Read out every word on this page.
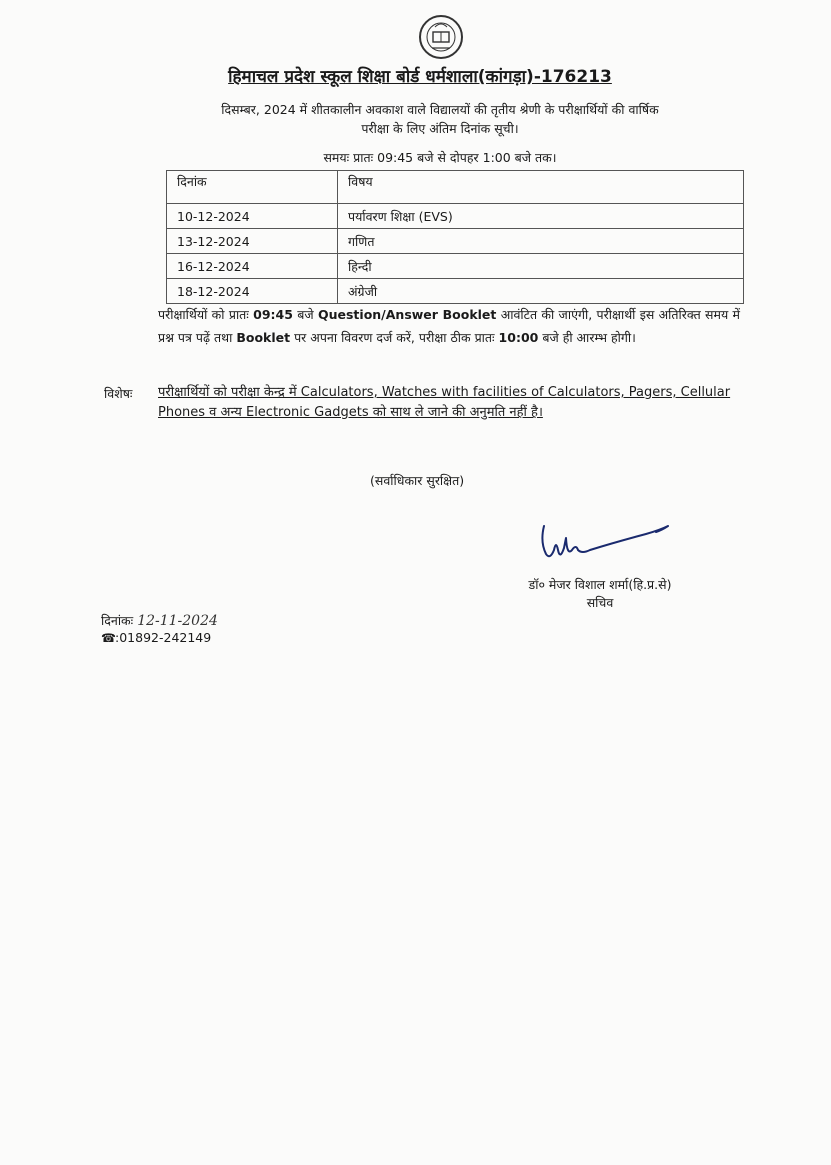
हिमाचल प्रदेश स्कूल शिक्षा बोर्ड धर्मशाला(कांगड़ा)-176213
दिसम्बर, 2024 में शीतकालीन अवकाश वाले विद्यालयों की तृतीय श्रेणी के परीक्षार्थियों की वार्षिक
परीक्षा के लिए अंतिम दिनांक सूची।
समयः प्रातः 09:45 बजे से दोपहर 1:00 बजे तक।
दिनांक	विषय
10-12-2024	पर्यावरण शिक्षा (EVS)
13-12-2024	गणित
16-12-2024	हिन्दी
18-12-2024	अंग्रेजी
परीक्षार्थियों को प्रातः 09:45 बजे Question/Answer Booklet आवंटित की जाएंगी, परीक्षार्थी इस अतिरिक्त समय में प्रश्न पत्र पढ़ें तथा Booklet पर अपना विवरण दर्ज करें, परीक्षा ठीक प्रातः 10:00 बजे ही आरम्भ होगी।
विशेषः परीक्षार्थियों को परीक्षा केन्द्र में Calculators, Watches with facilities of Calculators, Pagers, Cellular Phones व अन्य Electronic Gadgets को साथ ले जाने की अनुमति नहीं है।
(सर्वाधिकार सुरक्षित)
डॉ० मेजर विशाल शर्मा(हि.प्र.से)
सचिव
दिनांकः 12-11-2024
☎:01892-242149
